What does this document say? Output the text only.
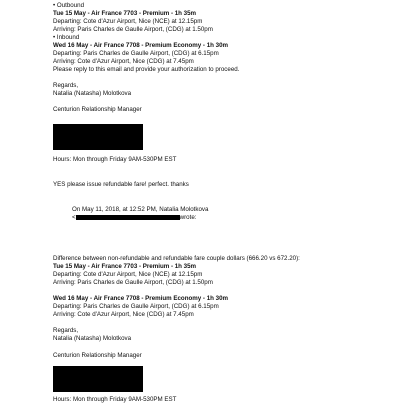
• Outbound
Tue 15 May - Air France 7703 - Premium - 1h 35m
Departing: Cote d'Azur Airport, Nice (NCE) at 12.15pm
Arriving: Paris Charles de Gaulle Airport, (CDG) at 1.50pm
• Inbound
Wed 16 May - Air France 7708 - Premium Economy - 1h 30m
Departing: Paris Charles de Gaulle Airport, (CDG) at 6.15pm
Arriving: Cote d'Azur Airport, Nice (CDG) at 7.45pm
Please reply to this email and provide your authorization to proceed.
Regards,
Natalia (Natasha) Molotkova
Centurion Relationship Manager
Hours: Mon through Friday 9AM-530PM EST
YES please issue refundable fare! perfect. thanks
On May 11, 2018, at 12:52 PM, Natalia Molotkova
<	wrote:
Difference between non-refundable and refundable fare couple dollars (666.20 vs 672.20):
Tue 15 May - Air France 7703 - Premium - 1h 35m
Departing: Cote d'Azur Airport, Nice (NCE) at 12.15pm
Arriving: Paris Charles de Gaulle Airport, (CDG) at 1.50pm
Wed 16 May - Air France 7708 - Premium Economy - 1h 30m
Departing: Paris Charles de Gaulle Airport, (CDG) at 6.15pm
Arriving: Cote d'Azur Airport, Nice (CDG) at 7.45pm
Regards,
Natalia (Natasha) Molotkova
Centurion Relationship Manager
Hours: Mon through Friday 9AM-530PM EST
